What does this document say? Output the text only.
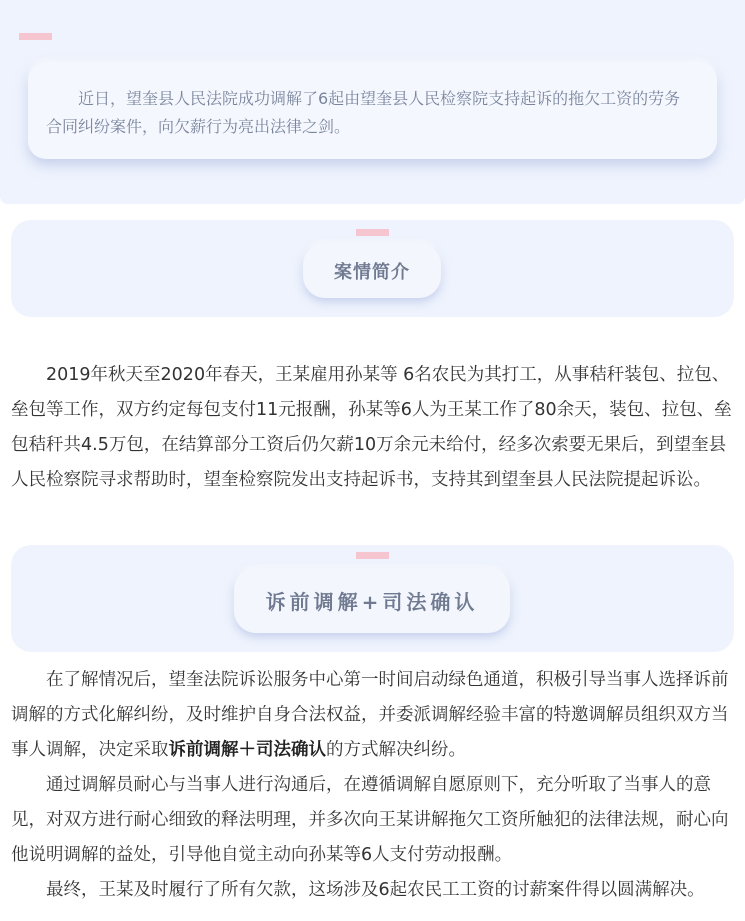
近日，望奎县人民法院成功调解了6起由望奎县人民检察院支持起诉的拖欠工资的劳务合同纠纷案件，向欠薪行为亮出法律之剑。
案情简介

2019年秋天至2020年春天，王某雇用孙某等 6名农民为其打工，从事秸秆装包、拉包、垒包等工作，双方约定每包支付11元报酬，孙某等6人为王某工作了80余天，装包、拉包、垒包秸秆共4.5万包，在结算部分工资后仍欠薪10万余元未给付，经多次索要无果后，到望奎县人民检察院寻求帮助时，望奎检察院发出支持起诉书，支持其到望奎县人民法院提起诉讼。

诉前调解+司法确认

在了解情况后，望奎法院诉讼服务中心第一时间启动绿色通道，积极引导当事人选择诉前调解的方式化解纠纷，及时维护自身合法权益，并委派调解经验丰富的特邀调解员组织双方当事人调解，决定采取诉前调解＋司法确认的方式解决纠纷。

通过调解员耐心与当事人进行沟通后，在遵循调解自愿原则下，充分听取了当事人的意见，对双方进行耐心细致的释法明理，并多次向王某讲解拖欠工资所触犯的法律法规，耐心向他说明调解的益处，引导他自觉主动向孙某等6人支付劳动报酬。

最终，王某及时履行了所有欠款，这场涉及6起农民工工资的讨薪案件得以圆满解决。
